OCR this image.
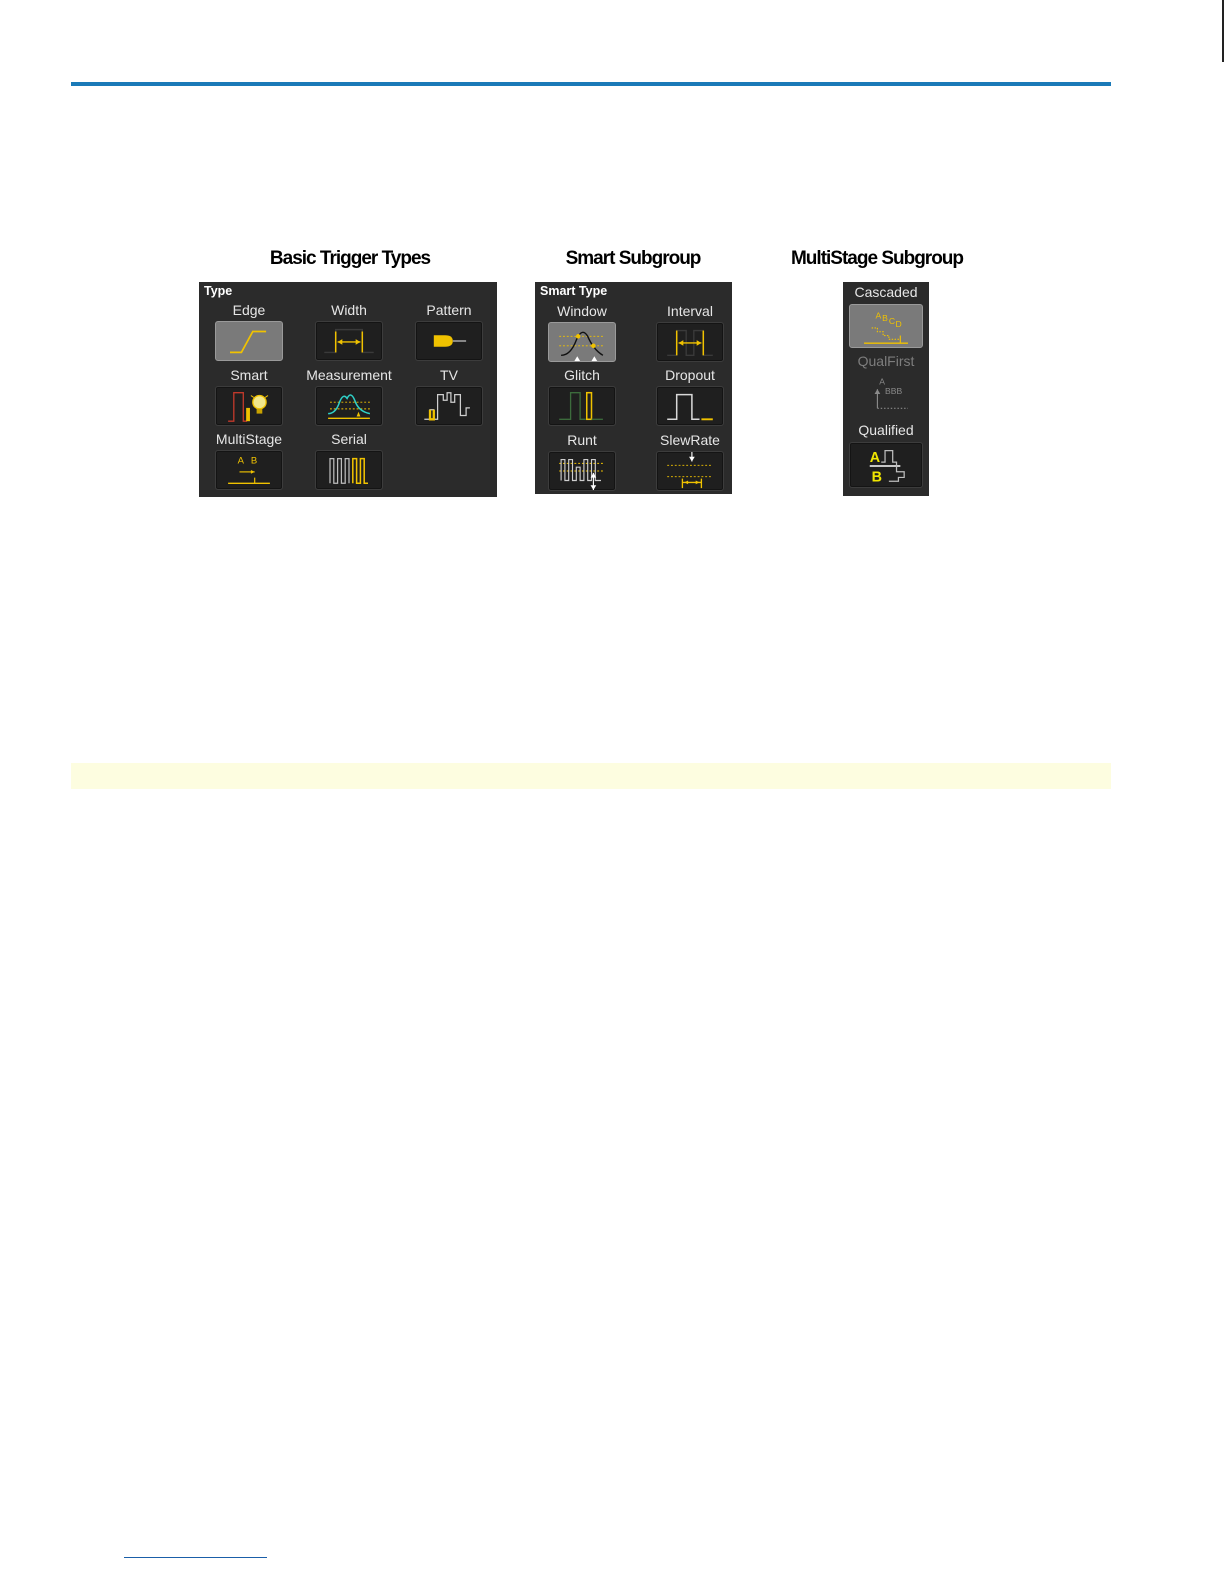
Basic Trigger Types	Smart Subgroup	MultiStage Subgroup
Type
Edge	Width	Pattern
Smart	Measurement	TV
MultiStage
A B
Serial
Smart Type
Window	Interval
Glitch	Dropout
Runt	SlewRate
Cascaded
A B C D
QualFirst
A
BBB
Qualified
A
B
